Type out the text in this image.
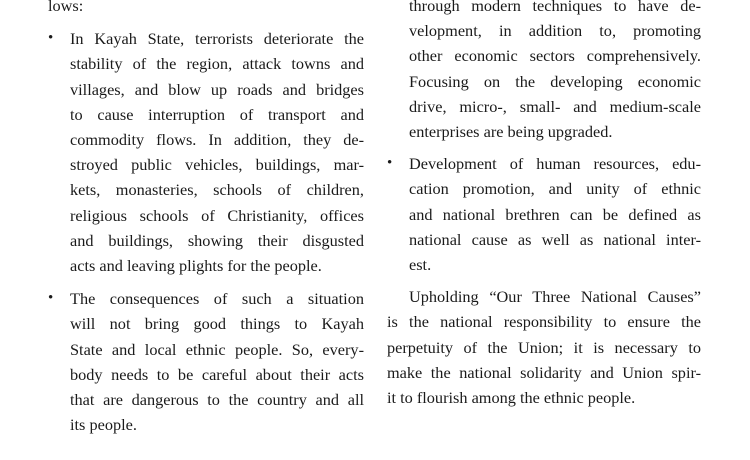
lows:

• In Kayah State, terrorists deteriorate the
stability of the region, attack towns and
villages, and blow up roads and bridges
to cause interruption of transport and
commodity flows. In addition, they de-
stroyed public vehicles, buildings, mar-
kets, monasteries, schools of children,
religious schools of Christianity, offices
and buildings, showing their disgusted
acts and leaving plights for the people.
• The consequences of such a situation
will not bring good things to Kayah
State and local ethnic people. So, every-
body needs to be careful about their acts
that are dangerous to the country and all
its people.
through modern techniques to have de-
velopment, in addition to, promoting
other economic sectors comprehensively.
Focusing on the developing economic
drive, micro-, small- and medium-scale
enterprises are being upgraded.
• Development of human resources, edu-
cation promotion, and unity of ethnic
and national brethren can be defined as
national cause as well as national inter-
est.
Upholding “Our Three National Causes”
is the national responsibility to ensure the
perpetuity of the Union; it is necessary to
make the national solidarity and Union spir-
it to flourish among the ethnic people.
